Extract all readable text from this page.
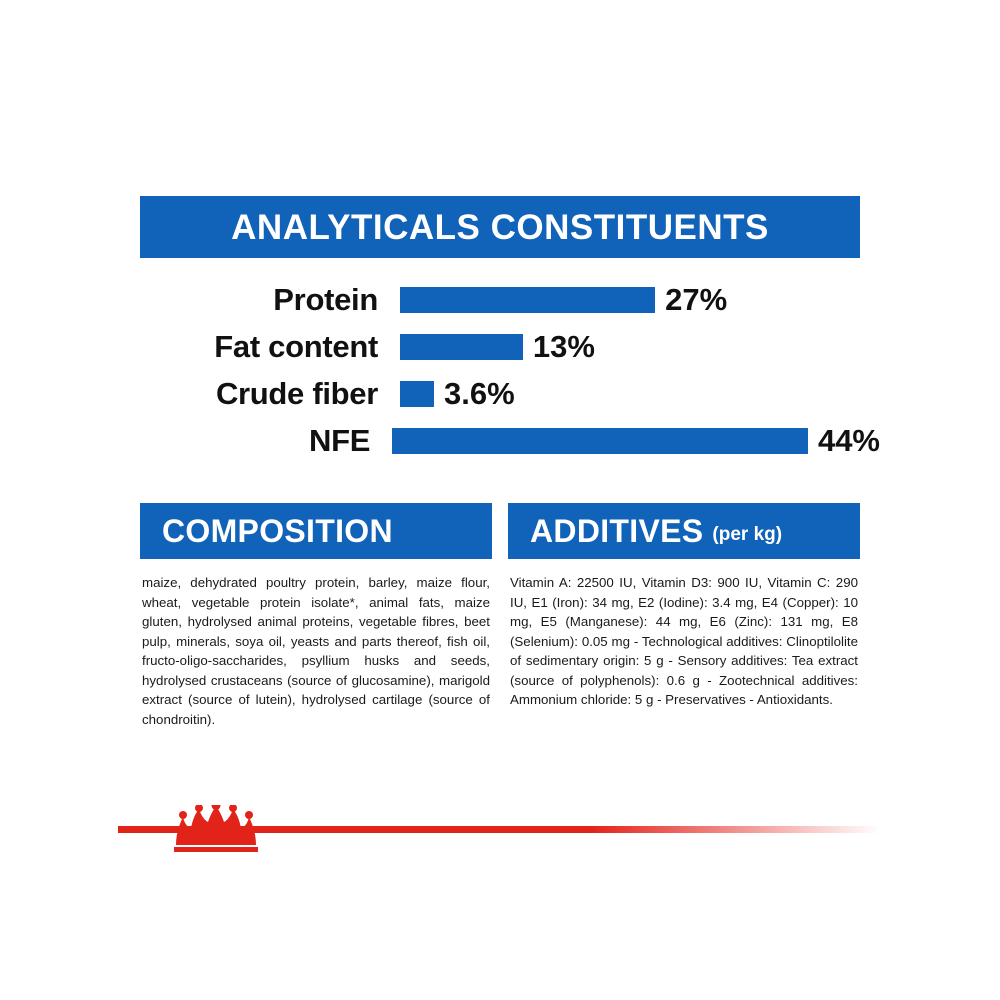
ANALYTICALS CONSTITUENTS
Protein	27%
Fat content	13%
Crude fiber	3.6%
NFE	44%
COMPOSITION
maize, dehydrated poultry protein, barley, maize flour, wheat, vegetable protein isolate*, animal fats, maize gluten, hydrolysed animal proteins, vegetable fibres, beet pulp, minerals, soya oil, yeasts and parts thereof, fish oil, fructo-oligo-saccharides, psyllium husks and seeds, hydrolysed crustaceans (source of glucosamine), marigold extract (source of lutein), hydrolysed cartilage (source of chondroitin).
ADDITIVES (per kg)
Vitamin A: 22500 IU, Vitamin D3: 900 IU, Vitamin C: 290 IU, E1 (Iron): 34 mg, E2 (Iodine): 3.4 mg, E4 (Copper): 10 mg, E5 (Manganese): 44 mg, E6 (Zinc): 131 mg, E8 (Selenium): 0.05 mg - Technological additives: Clinoptilolite of sedimentary origin: 5 g - Sensory additives: Tea extract (source of polyphenols): 0.6 g - Zootechnical additives: Ammonium chloride: 5 g - Preservatives - Antioxidants.
